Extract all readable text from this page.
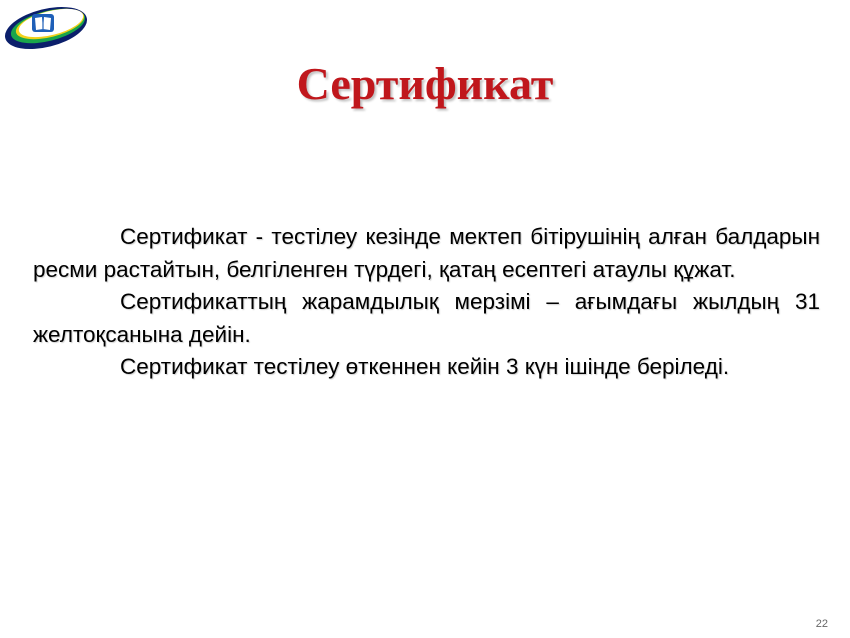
Сертификат

Сертификат - тестілеу кезінде мектеп бітірушінің алған балдарын ресми растайтын, белгіленген түрдегі, қатаң есептегі атаулы құжат.

Сертификаттың жарамдылық мерзімі – ағымдағы жылдың 31 желтоқсанына дейін.

Сертификат тестілеу өткеннен кейін 3 күн ішінде беріледі.

22
